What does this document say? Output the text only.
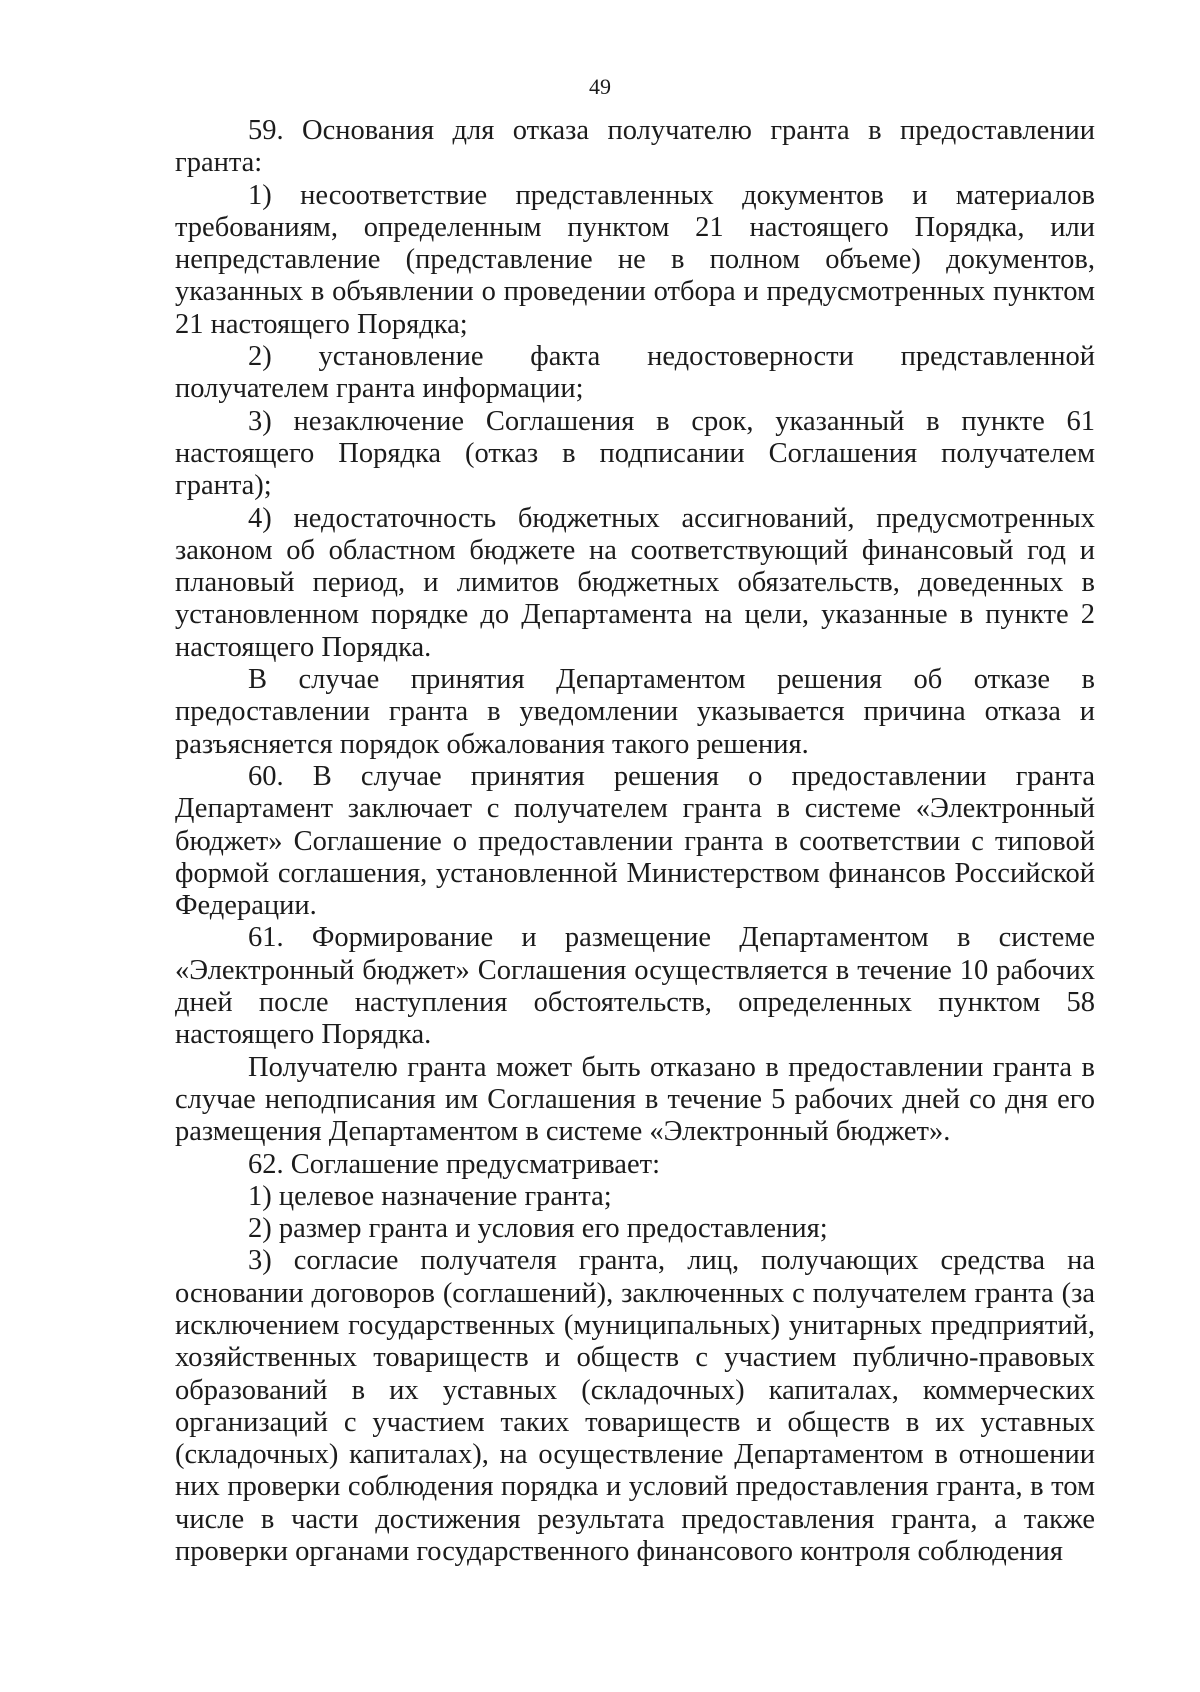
49

59. Основания для отказа получателю гранта в предоставлении гранта:

1) несоответствие представленных документов и материалов требованиям, определенным пунктом 21 настоящего Порядка, или непредставление (представление не в полном объеме) документов, указанных в объявлении о проведении отбора и предусмотренных пунктом 21 настоящего Порядка;

2) установление факта недостоверности представленной получателем гранта информации;

3) незаключение Соглашения в срок, указанный в пункте 61 настоящего Порядка (отказ в подписании Соглашения получателем гранта);

4) недостаточность бюджетных ассигнований, предусмотренных законом об областном бюджете на соответствующий финансовый год и плановый период, и лимитов бюджетных обязательств, доведенных в установленном порядке до Департамента на цели, указанные в пункте 2 настоящего Порядка.

В случае принятия Департаментом решения об отказе в предоставлении гранта в уведомлении указывается причина отказа и разъясняется порядок обжалования такого решения.

60. В случае принятия решения о предоставлении гранта Департамент заключает с получателем гранта в системе «Электронный бюджет» Соглашение о предоставлении гранта в соответствии с типовой формой соглашения, установленной Министерством финансов Российской Федерации.

61. Формирование и размещение Департаментом в системе «Электронный бюджет» Соглашения осуществляется в течение 10 рабочих дней после наступления обстоятельств, определенных пунктом 58 настоящего Порядка.

Получателю гранта может быть отказано в предоставлении гранта в случае неподписания им Соглашения в течение 5 рабочих дней со дня его размещения Департаментом в системе «Электронный бюджет».

62. Соглашение предусматривает:

1) целевое назначение гранта;

2) размер гранта и условия его предоставления;

3) согласие получателя гранта, лиц, получающих средства на основании договоров (соглашений), заключенных с получателем гранта (за исключением государственных (муниципальных) унитарных предприятий, хозяйственных товариществ и обществ с участием публично-правовых образований в их уставных (складочных) капиталах, коммерческих организаций с участием таких товариществ и обществ в их уставных (складочных) капиталах), на осуществление Департаментом в отношении них проверки соблюдения порядка и условий предоставления гранта, в том числе в части достижения результата предоставления гранта, а также проверки органами государственного финансового контроля соблюдения
